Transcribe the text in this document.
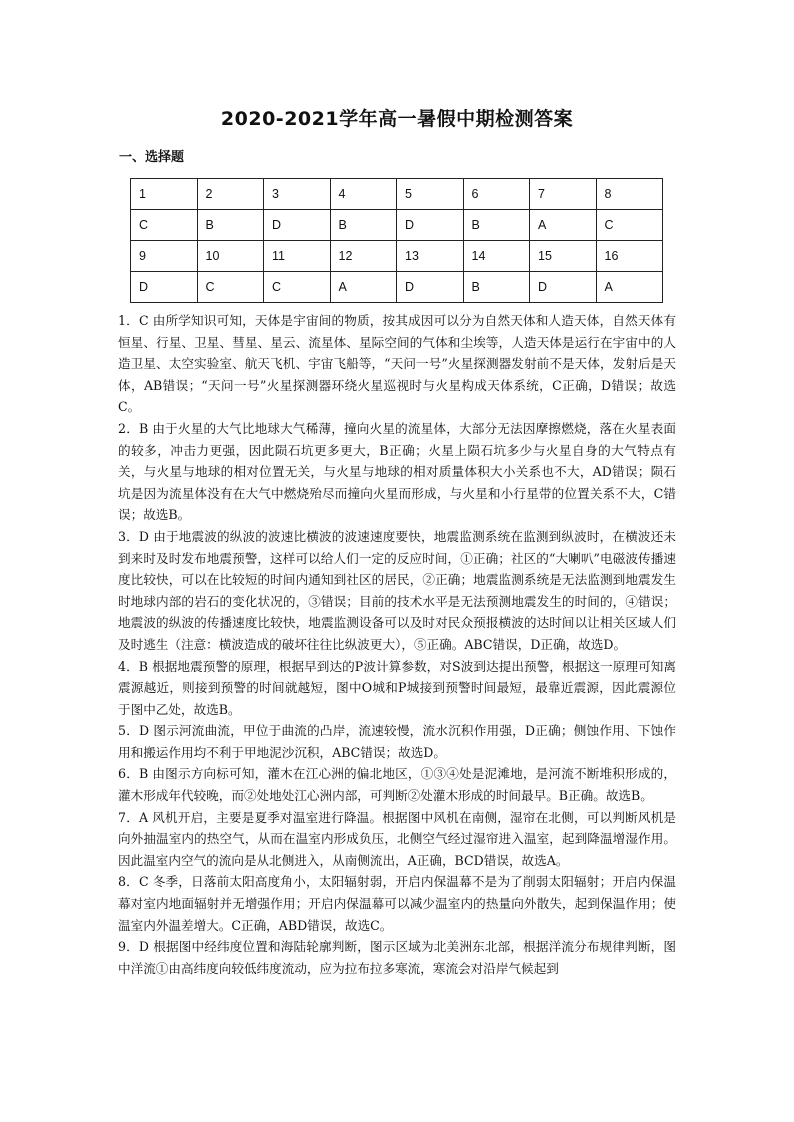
2020-2021学年高一暑假中期检测答案
一、选择题
1	2	3	4	5	6	7	8
C	B	D	B	D	B	A	C
9	10	11	12	13	14	15	16
D	C	C	A	D	B	D	A

1．C 由所学知识可知，天体是宇宙间的物质，按其成因可以分为自然天体和人造天体，自然天体有恒星、行星、卫星、彗星、星云、流星体、星际空间的气体和尘埃等，人造天体是运行在宇宙中的人造卫星、太空实验室、航天飞机、宇宙飞船等，“天问一号”火星探测器发射前不是天体，发射后是天体，AB错误；“天问一号”火星探测器环绕火星巡视时与火星构成天体系统，C正确，D错误；故选C。

2．B 由于火星的大气比地球大气稀薄，撞向火星的流星体，大部分无法因摩擦燃烧，落在火星表面的较多，冲击力更强，因此陨石坑更多更大，B正确；火星上陨石坑多少与火星自身的大气特点有关，与火星与地球的相对位置无关，与火星与地球的相对质量体积大小关系也不大，AD错误；陨石坑是因为流星体没有在大气中燃烧殆尽而撞向火星而形成，与火星和小行星带的位置关系不大，C错误；故选B。

3．D 由于地震波的纵波的波速比横波的波速速度要快，地震监测系统在监测到纵波时，在横波还未到来时及时发布地震预警，这样可以给人们一定的反应时间，①正确；社区的“大喇叭”电磁波传播速度比较快，可以在比较短的时间内通知到社区的居民，②正确；地震监测系统是无法监测到地震发生时地球内部的岩石的变化状况的，③错误；目前的技术水平是无法预测地震发生的时间的，④错误；地震波的纵波的传播速度比较快，地震监测设备可以及时对民众预报横波的达时间以让相关区域人们及时逃生（注意：横波造成的破坏往往比纵波更大），⑤正确。ABC错误，D正确，故选D。

4．B 根据地震预警的原理，根据早到达的P波计算参数，对S波到达提出预警，根据这一原理可知离震源越近，则接到预警的时间就越短，图中O城和P城接到预警时间最短，最靠近震源，因此震源位于图中乙处，故选B。

5．D 图示河流曲流，甲位于曲流的凸岸，流速较慢，流水沉积作用强，D正确；侧蚀作用、下蚀作用和搬运作用均不利于甲地泥沙沉积，ABC错误；故选D。

6．B 由图示方向标可知，灌木在江心洲的偏北地区，①③④处是泥滩地，是河流不断堆积形成的，灌木形成年代较晚，而②处地处江心洲内部，可判断②处灌木形成的时间最早。B正确。故选B。

7．A 风机开启，主要是夏季对温室进行降温。根据图中风机在南侧，湿帘在北侧，可以判断风机是向外抽温室内的热空气，从而在温室内形成负压，北侧空气经过湿帘进入温室，起到降温增湿作用。因此温室内空气的流向是从北侧进入，从南侧流出，A正确，BCD错误，故选A。

8．C 冬季，日落前太阳高度角小，太阳辐射弱，开启内保温幕不是为了削弱太阳辐射；开启内保温幕对室内地面辐射并无增强作用；开启内保温幕可以减少温室内的热量向外散失，起到保温作用；使温室内外温差增大。C正确，ABD错误，故选C。

9．D 根据图中经纬度位置和海陆轮廓判断，图示区域为北美洲东北部，根据洋流分布规律判断，图中洋流①由高纬度向较低纬度流动，应为拉布拉多寒流，寒流会对沿岸气候起到
